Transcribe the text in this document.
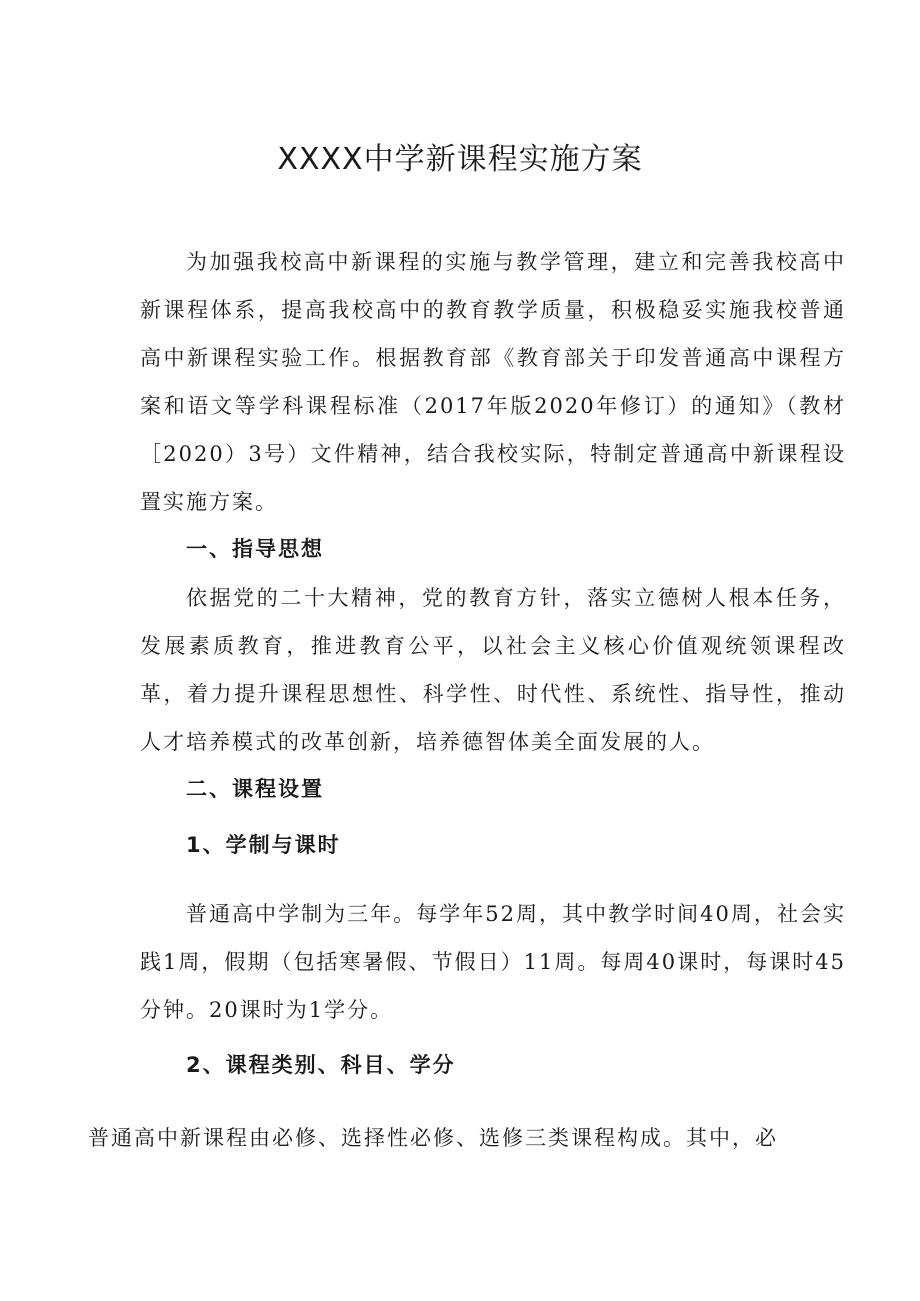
XXXX中学新课程实施方案

为加强我校高中新课程的实施与教学管理，建立和完善我校高中新课程体系，提高我校高中的教育教学质量，积极稳妥实施我校普通高中新课程实验工作。根据教育部《教育部关于印发普通高中课程方案和语文等学科课程标准（2017年版2020年修订）的通知》（教材［2020）3号）文件精神，结合我校实际，特制定普通高中新课程设置实施方案。

一、指导思想

依据党的二十大精神，党的教育方针，落实立德树人根本任务，发展素质教育，推进教育公平，以社会主义核心价值观统领课程改革，着力提升课程思想性、科学性、时代性、系统性、指导性，推动人才培养模式的改革创新，培养德智体美全面发展的人。

二、课程设置
1、学制与课时

普通高中学制为三年。每学年52周，其中教学时间40周，社会实践1周，假期（包括寒暑假、节假日）11周。每周40课时，每课时45分钟。20课时为1学分。

2、课程类别、科目、学分

普通高中新课程由必修、选择性必修、选修三类课程构成。其中，必
